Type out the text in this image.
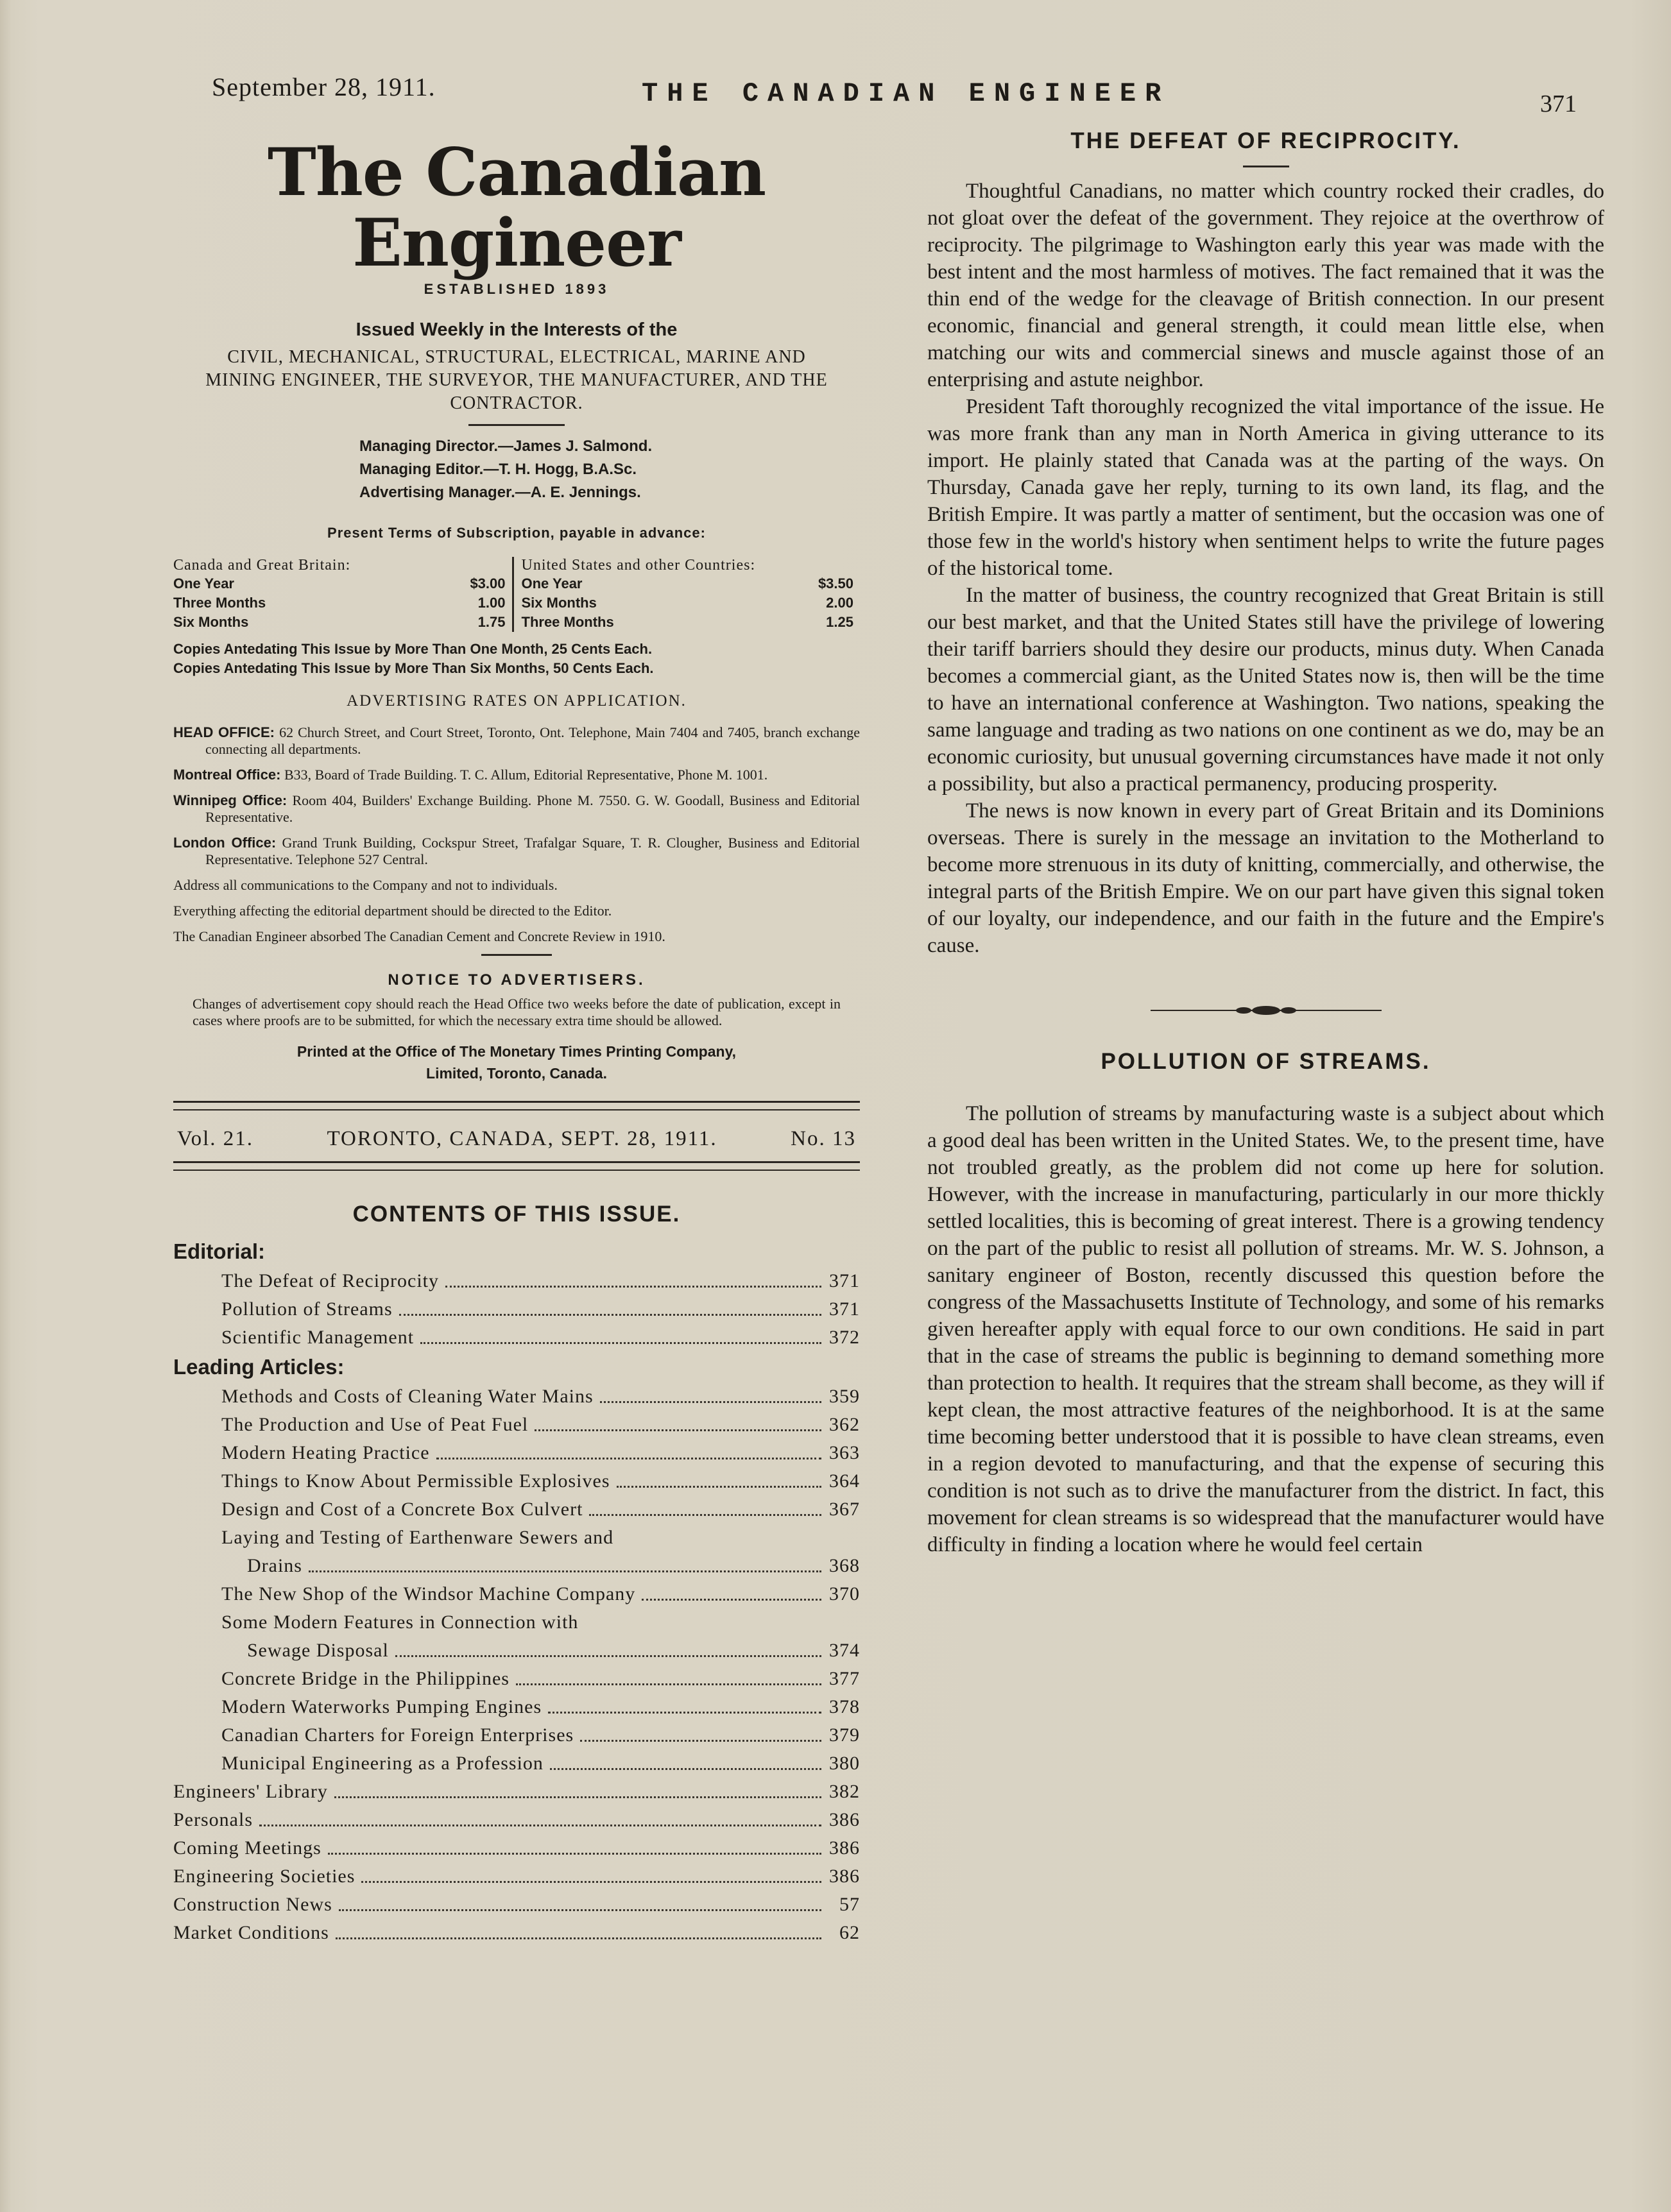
September 28, 1911.	THE CANADIAN ENGINEER	371
The Canadian Engineer
ESTABLISHED 1893
Issued Weekly in the Interests of the
CIVIL, MECHANICAL, STRUCTURAL, ELECTRICAL, MARINE AND MINING ENGINEER, THE SURVEYOR, THE MANUFACTURER, AND THE CONTRACTOR.
Managing Director.—James J. Salmond.
Managing Editor.—T. H. Hogg, B.A.Sc.
Advertising Manager.—A. E. Jennings.
Present Terms of Subscription, payable in advance:
Canada and Great Britain:
One Year	$3.00
Three Months	1.00
Six Months	1.75
United States and other Countries:
One Year	$3.50
Six Months	2.00
Three Months	1.25
Copies Antedating This Issue by More Than One Month, 25 Cents Each.
Copies Antedating This Issue by More Than Six Months, 50 Cents Each.
ADVERTISING RATES ON APPLICATION.

HEAD OFFICE: 62 Church Street, and Court Street, Toronto, Ont. Telephone, Main 7404 and 7405, branch exchange connecting all departments.

Montreal Office: B33, Board of Trade Building. T. C. Allum, Editorial Representative, Phone M. 1001.

Winnipeg Office: Room 404, Builders' Exchange Building. Phone M. 7550. G. W. Goodall, Business and Editorial Representative.

London Office: Grand Trunk Building, Cockspur Street, Trafalgar Square, T. R. Clougher, Business and Editorial Representative. Telephone 527 Central.

Address all communications to the Company and not to individuals.

Everything affecting the editorial department should be directed to the Editor.

The Canadian Engineer absorbed The Canadian Cement and Concrete Review in 1910.

NOTICE TO ADVERTISERS.
Changes of advertisement copy should reach the Head Office two weeks before the date of publication, except in cases where proofs are to be submitted, for which the necessary extra time should be allowed.
Printed at the Office of The Monetary Times Printing Company,
Limited, Toronto, Canada.
Vol. 21.	TORONTO, CANADA, SEPT. 28, 1911.	No. 13
CONTENTS OF THIS ISSUE.
Editorial:
The Defeat of Reciprocity	371
Pollution of Streams	371
Scientific Management	372
Leading Articles:
Methods and Costs of Cleaning Water Mains	359
The Production and Use of Peat Fuel	362
Modern Heating Practice	363
Things to Know About Permissible Explosives	364
Design and Cost of a Concrete Box Culvert	367
Laying and Testing of Earthenware Sewers and
Drains	368
The New Shop of the Windsor Machine Company	370
Some Modern Features in Connection with
Sewage Disposal	374
Concrete Bridge in the Philippines	377
Modern Waterworks Pumping Engines	378
Canadian Charters for Foreign Enterprises	379
Municipal Engineering as a Profession	380
Engineers' Library	382
Personals	386
Coming Meetings	386
Engineering Societies	386
Construction News	57
Market Conditions	62
THE DEFEAT OF RECIPROCITY.

Thoughtful Canadians, no matter which country rocked their cradles, do not gloat over the defeat of the government. They rejoice at the overthrow of reciprocity. The pilgrimage to Washington early this year was made with the best intent and the most harmless of motives. The fact remained that it was the thin end of the wedge for the cleavage of British connection. In our present economic, financial and general strength, it could mean little else, when matching our wits and commercial sinews and muscle against those of an enterprising and astute neighbor.

President Taft thoroughly recognized the vital importance of the issue. He was more frank than any man in North America in giving utterance to its import. He plainly stated that Canada was at the parting of the ways. On Thursday, Canada gave her reply, turning to its own land, its flag, and the British Empire. It was partly a matter of sentiment, but the occasion was one of those few in the world's history when sentiment helps to write the future pages of the historical tome.

In the matter of business, the country recognized that Great Britain is still our best market, and that the United States still have the privilege of lowering their tariff barriers should they desire our products, minus duty. When Canada becomes a commercial giant, as the United States now is, then will be the time to have an international conference at Washington. Two nations, speaking the same language and trading as two nations on one continent as we do, may be an economic curiosity, but unusual governing circumstances have made it not only a possibility, but also a practical permanency, producing prosperity.

The news is now known in every part of Great Britain and its Dominions overseas. There is surely in the message an invitation to the Motherland to become more strenuous in its duty of knitting, commercially, and otherwise, the integral parts of the British Empire. We on our part have given this signal token of our loyalty, our independence, and our faith in the future and the Empire's cause.

POLLUTION OF STREAMS.

The pollution of streams by manufacturing waste is a subject about which a good deal has been written in the United States. We, to the present time, have not troubled greatly, as the problem did not come up here for solution. However, with the increase in manufacturing, particularly in our more thickly settled localities, this is becoming of great interest. There is a growing tendency on the part of the public to resist all pollution of streams. Mr. W. S. Johnson, a sanitary engineer of Boston, recently discussed this question before the congress of the Massachusetts Institute of Technology, and some of his remarks given hereafter apply with equal force to our own conditions. He said in part that in the case of streams the public is beginning to demand something more than protection to health. It requires that the stream shall become, as they will if kept clean, the most attractive features of the neighborhood. It is at the same time becoming better understood that it is possible to have clean streams, even in a region devoted to manufacturing, and that the expense of securing this condition is not such as to drive the manufacturer from the district. In fact, this movement for clean streams is so widespread that the manufacturer would have difficulty in finding a location where he would feel certain
